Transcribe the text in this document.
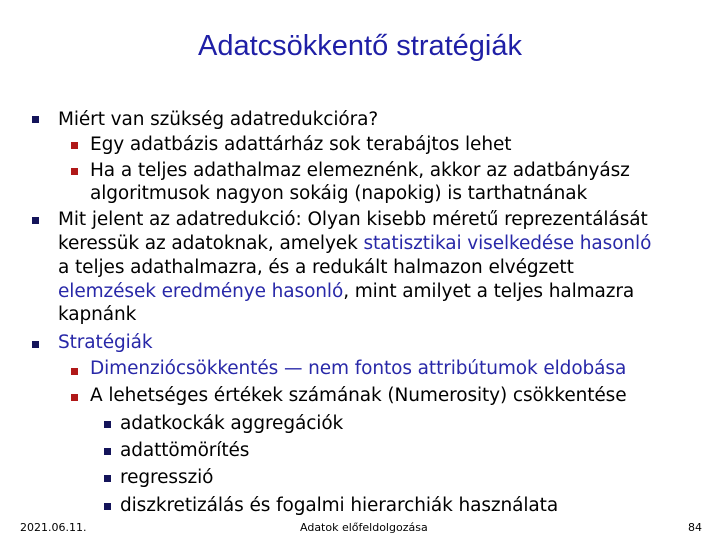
Adatcsökkentő stratégiák
Miért van szükség adatredukcióra?
Egy adatbázis adattárház sok terabájtos lehet
Ha a teljes adathalmaz elemeznénk, akkor az adatbányász
algoritmusok nagyon sokáig (napokig) is tarthatnának
Mit jelent az adatredukció: Olyan kisebb méretű reprezentálását
keressük az adatoknak, amelyek statisztikai viselkedése hasonló
a teljes adathalmazra, és a redukált halmazon elvégzett
elemzések eredménye hasonló, mint amilyet a teljes halmazra
kapnánk
Stratégiák
Dimenziócsökkentés — nem fontos attribútumok eldobása
A lehetséges értékek számának (Numerosity) csökkentése
adatkockák aggregációk
adattömörítés
regresszió
diszkretizálás és fogalmi hierarchiák használata
2021.06.11.	Adatok előfeldolgozása	84
